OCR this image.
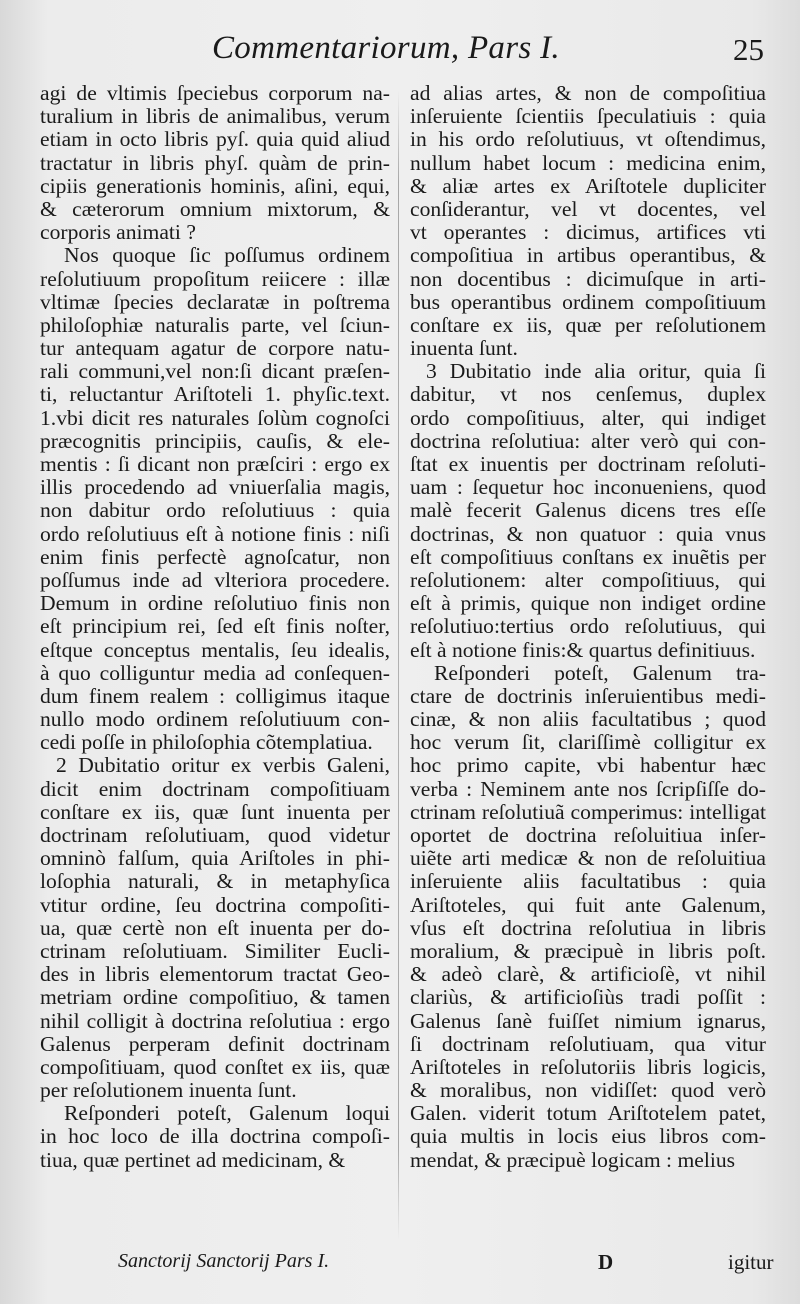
Commentariorum, Pars I.	25
agi de vltimis ſpeciebus corporum na-
turalium in libris de animalibus, verum
etiam in octo libris pyſ. quia quid aliud
tractatur in libris phyſ. quàm de prin-
cipiis generationis hominis, aſini, equi,
& cæterorum omnium mixtorum, &
corporis animati ?
Nos quoque ſic poſſumus ordinem
reſolutiuum propoſitum reiicere : illæ
vltimæ ſpecies declaratæ in poſtrema
philoſophiæ naturalis parte, vel ſciun-
tur antequam agatur de corpore natu-
rali communi,vel non:ſi dicant præſen-
ti, reluctantur Ariſtoteli 1. phyſic.text.
1.vbi dicit res naturales ſolùm cognoſci
præcognitis principiis, cauſis, & ele-
mentis : ſi dicant non præſciri : ergo ex
illis procedendo ad vniuerſalia magis,
non dabitur ordo reſolutiuus : quia
ordo reſolutiuus eſt à notione finis : niſi
enim finis perfectè agnoſcatur, non
poſſumus inde ad vlteriora procedere.
Demum in ordine reſolutiuo finis non
eſt principium rei, ſed eſt finis noſter,
eſtque conceptus mentalis, ſeu idealis,
à quo colliguntur media ad conſequen-
dum finem realem : colligimus itaque
nullo modo ordinem reſolutiuum con-
cedi poſſe in philoſophia cõtemplatiua.
2 Dubitatio oritur ex verbis Galeni,
dicit enim doctrinam compoſitiuam
conſtare ex iis, quæ ſunt inuenta per
doctrinam reſolutiuam, quod videtur
omninò falſum, quia Ariſtoles in phi-
loſophia naturali, & in metaphyſica
vtitur ordine, ſeu doctrina compoſiti-
ua, quæ certè non eſt inuenta per do-
ctrinam reſolutiuam. Similiter Eucli-
des in libris elementorum tractat Geo-
metriam ordine compoſitiuo, & tamen
nihil colligit à doctrina reſolutiua : ergo
Galenus perperam definit doctrinam
compoſitiuam, quod conſtet ex iis, quæ
per reſolutionem inuenta ſunt.
Reſponderi poteſt, Galenum loqui
in hoc loco de illa doctrina compoſi-
tiua, quæ pertinet ad medicinam, &
ad alias artes, & non de compoſitiua
inſeruiente ſcientiis ſpeculatiuis : quia
in his ordo reſolutiuus, vt oſtendimus,
nullum habet locum : medicina enim,
& aliæ artes ex Ariſtotele dupliciter
conſiderantur, vel vt docentes, vel
vt operantes : dicimus, artifices vti
compoſitiua in artibus operantibus, &
non docentibus : dicimuſque in arti-
bus operantibus ordinem compoſitiuum
conſtare ex iis, quæ per reſolutionem
inuenta ſunt.
3 Dubitatio inde alia oritur, quia ſi
dabitur, vt nos cenſemus, duplex
ordo compoſitiuus, alter, qui indiget
doctrina reſolutiua: alter verò qui con-
ſtat ex inuentis per doctrinam reſoluti-
uam : ſequetur hoc inconueniens, quod
malè fecerit Galenus dicens tres eſſe
doctrinas, & non quatuor : quia vnus
eſt compoſitiuus conſtans ex inuẽtis per
reſolutionem: alter compoſitiuus, qui
eſt à primis, quique non indiget ordine
reſolutiuo:tertius ordo reſolutiuus, qui
eſt à notione finis:& quartus definitiuus.
Reſponderi poteſt, Galenum tra-
ctare de doctrinis inſeruientibus medi-
cinæ, & non aliis facultatibus ; quod
hoc verum ſit, clariſſimè colligitur ex
hoc primo capite, vbi habentur hæc
verba : Neminem ante nos ſcripſiſſe do-
ctrinam reſolutiuã comperimus: intelligat
oportet de doctrina reſoluitiua inſer-
uiẽte arti medicæ & non de reſoluitiua
inſeruiente aliis facultatibus : quia
Ariſtoteles, qui fuit ante Galenum,
vſus eſt doctrina reſolutiua in libris
moralium, & præcipuè in libris poſt.
& adeò clarè, & artificioſè, vt nihil
clariùs, & artificioſiùs tradi poſſit :
Galenus ſanè fuiſſet nimium ignarus,
ſi doctrinam reſolutiuam, qua vitur
Ariſtoteles in reſolutoriis libris logicis,
& moralibus, non vidiſſet: quod verò
Galen. viderit totum Ariſtotelem patet,
quia multis in locis eius libros com-
mendat, & præcipuè logicam : melius
Sanctorij Sanctorij Pars I.	D	igitur
